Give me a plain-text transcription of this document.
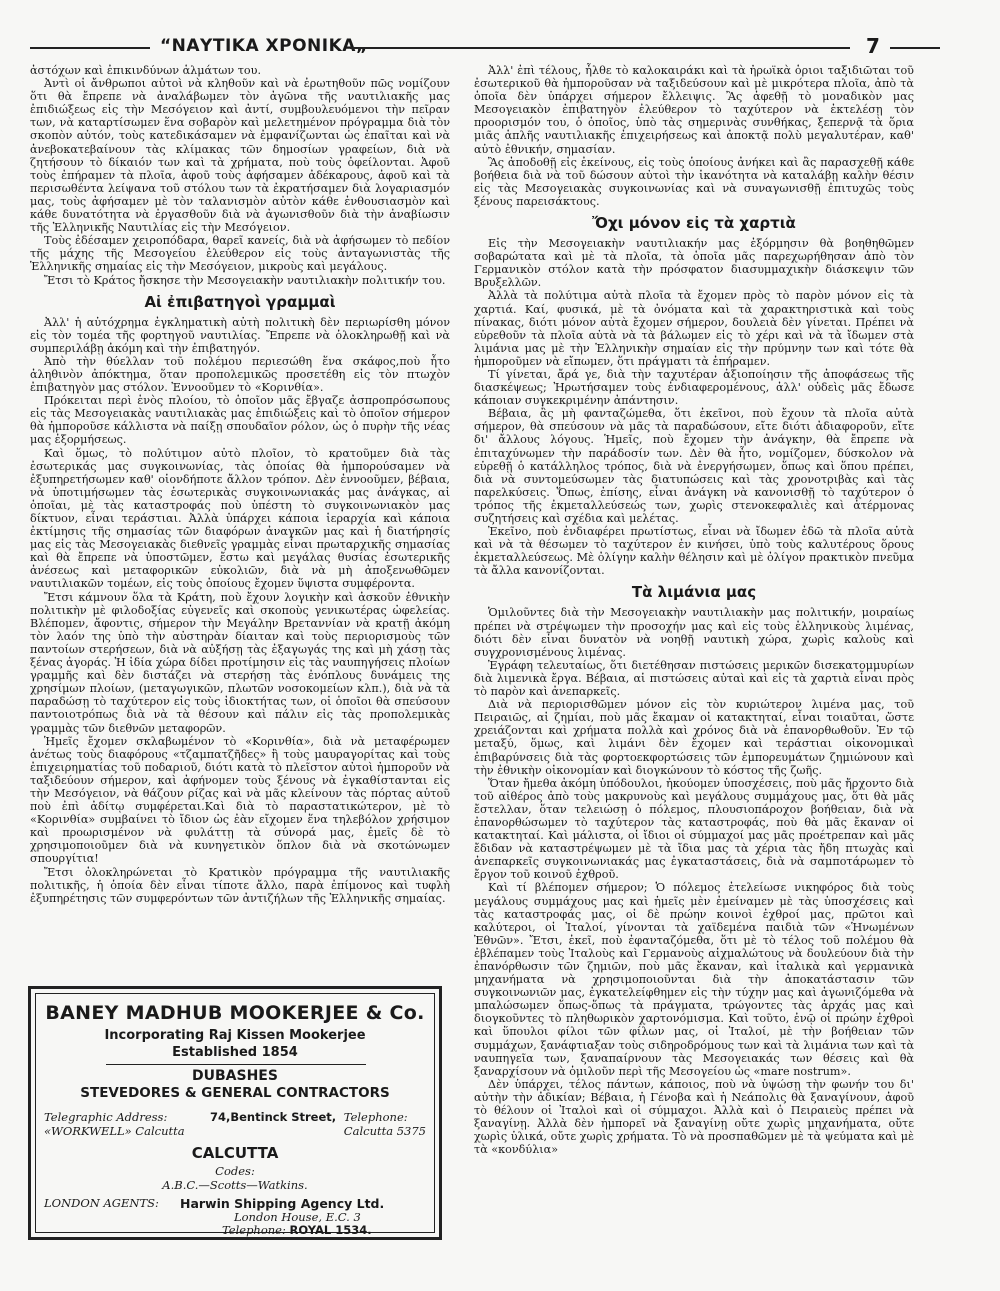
“ΝΑΥΤΙΚΑ ΧΡΟΝΙΚΑ„	7

ἀστόχων καὶ ἐπικινδύνων ἁλμάτων του.

Ἀντὶ οἱ ἄνθρωποι αὐτοὶ νὰ κληθοῦν καὶ νὰ ἐρωτηθοῦν πῶς νομίζουν ὅτι θὰ ἔπρεπε νὰ ἀναλάβωμεν τὸν ἀγῶνα τῆς ναυτιλιακῆς μας ἐπιδιώξεως εἰς τὴν Μεσόγειον καὶ ἀντί, συμβουλευόμενοι τὴν πεῖραν των, νὰ καταρτίσωμεν ἕνα σοβαρὸν καὶ μελετημένον πρόγραμμα διὰ τὸν σκοπὸν αὐτόν, τοὺς κατεδικάσαμεν νὰ ἐμφανίζωνται ὡς ἐπαῖται καὶ νὰ ἀνεβοκατεβαίνουν τὰς κλίμακας τῶν δημοσίων γραφείων, διὰ νὰ ζητήσουν τὸ δίκαιόν των καὶ τὰ χρήματα, ποὺ τοὺς ὀφείλονται. Ἀφοῦ τοὺς ἐπήραμεν τὰ πλοῖα, ἀφοῦ τοὺς ἀφήσαμεν ἀδέκαρους, ἀφοῦ καὶ τὰ περισωθέντα λείψανα τοῦ στόλου των τὰ ἐκρατήσαμεν διὰ λογαριασμόν μας, τοὺς ἀφήσαμεν μὲ τὸν ταλανισμὸν αὐτὸν κάθε ἐνθουσιασμὸν καὶ κάθε δυνατότητα νὰ ἐργασθοῦν διὰ νὰ ἀγωνισθοῦν διὰ τὴν ἀναβίωσιν τῆς Ἑλληνικῆς Ναυτιλίας εἰς τὴν Μεσόγειον.

Τοὺς ἐδέσαμεν χειροπόδαρα, θαρεῖ κανείς, διὰ νὰ ἀφήσωμεν τὸ πεδίον τῆς μάχης τῆς Μεσογείου ἐλεύθερον εἰς τοὺς ἀνταγωνιστὰς τῆς Ἑλληνικῆς σημαίας εἰς τὴν Μεσόγειον, μικροὺς καὶ μεγάλους.

Ἔτσι τὸ Κράτος ἤσκησε τὴν Μεσογειακὴν ναυτιλιακὴν πολιτικήν του.

Αἱ ἐπιβατηγοὶ γραμμαὶ

Ἀλλ' ἡ αὐτόχρημα ἐγκληματικὴ αὐτὴ πολιτικὴ δὲν περιωρίσθη μόνον εἰς τὸν τομέα τῆς φορτηγοῦ ναυτιλίας. Ἔπρεπε νὰ ὁλοκληρωθῇ καὶ νὰ συμπεριλάβῃ ἀκόμη καὶ τὴν ἐπιβατηγόν.

Ἀπὸ τὴν θύελλαν τοῦ πολέμου περιεσώθη ἕνα σκάφος,ποὺ ἦτο ἀληθινὸν ἀπόκτημα, ὅταν προπολεμικῶς προσετέθη εἰς τὸν πτωχὸν ἐπιβατηγὸν μας στόλον. Ἐννοοῦμεν τὸ «Κορινθία».

Πρόκειται περὶ ἑνὸς πλοίου, τὸ ὁποῖον μᾶς ἔβγαζε ἀσπροπρόσωπους εἰς τὰς Μεσογειακὰς ναυτιλιακὰς μας ἐπιδιώξεις καὶ τὸ ὁποῖον σήμερον θὰ ἠμποροῦσε κάλλιστα νὰ παίξῃ σπουδαῖον ρόλον, ὡς ὁ πυρὴν τῆς νέας μας ἐξορμήσεως.

Καὶ ὅμως, τὸ πολύτιμον αὐτὸ πλοῖον, τὸ κρατοῦμεν διὰ τὰς ἐσωτερικάς μας συγκοινωνίας, τὰς ὁποίας θὰ ἠμπορούσαμεν νὰ ἐξυπηρετήσωμεν καθ' οἱονδήποτε ἄλλον τρόπον. Δὲν ἐννοοῦμεν, βέβαια, νὰ ὑποτιμήσωμεν τὰς ἐσωτερικὰς συγκοινωνιακάς μας ἀνάγκας, αἱ ὁποῖαι, μὲ τὰς καταστροφάς ποὺ ὑπέστη τὸ συγκοινωνιακὸν μας δίκτυον, εἶναι τεράστιαι. Ἀλλὰ ὑπάρχει κάποια ἱεραρχία καὶ κάποια ἐκτίμησις τῆς σημασίας τῶν διαφόρων ἀναγκῶν μας καὶ ἡ διατήρησίς μας εἰς τὰς Μεσογειακὰς διεθνεῖς γραμμὰς εἶναι πρωταρχικῆς σημασίας καὶ θὰ ἔπρεπε νὰ ὑποστῶμεν, ἔστω καὶ μεγάλας θυσίας ἐσωτερικῆς ἀνέσεως καὶ μεταφορικῶν εὐκολιῶν, διὰ νὰ μὴ ἀποξενωθῶμεν ναυτιλιακῶν τομέων, εἰς τοὺς ὁποίους ἔχομεν ὕψιστα συμφέροντα.

Ἔτσι κάμνουν ὅλα τὰ Κράτη, ποὺ ἔχουν λογικὴν καὶ ἀσκοῦν ἐθνικὴν πολιτικὴν μὲ φιλοδοξίας εὐγενεῖς καὶ σκοποὺς γενικωτέρας ὠφελείας. Βλέπομεν, ἄφοντις, σήμερον τὴν Μεγάλην Βρεταννίαν νὰ κρατῇ ἀκόμη τὸν λαόν της ὑπὸ τὴν αὐστηρὰν δίαιταν καὶ τοὺς περιορισμοὺς τῶν παντοίων στερήσεων, διὰ νὰ αὐξήσῃ τὰς ἐξαγωγάς της καὶ μὴ χάσῃ τὰς ξένας ἀγοράς. Ἡ ἰδία χώρα δίδει προτίμησιν εἰς τὰς ναυπηγήσεις πλοίων γραμμῆς καὶ δὲν διστάζει νὰ στερήσῃ τὰς ἐνόπλους δυνάμεις της χρησίμων πλοίων, (μεταγωγικῶν, πλωτῶν νοσοκομείων κλπ.), διὰ νὰ τὰ παραδώσῃ τὸ ταχύτερον εἰς τοὺς ἰδιοκτήτας των, οἱ ὁποῖοι θὰ σπεύσουν παντοιοτρόπως διὰ νὰ τὰ θέσουν καὶ πάλιν εἰς τὰς προπολεμικὰς γραμμὰς τῶν διεθνῶν μεταφορῶν.

Ἡμεῖς ἔχομεν σκλαβωμένον τὸ «Κορινθία», διὰ νὰ μεταφέρωμεν ἀνέτως τοὺς διαφόρους «τζαμπατζῆδες» ἢ τοὺς μαυραγορίτας καὶ τοὺς ἐπιχειρηματίας τοῦ ποδαριοῦ, διότι κατὰ τὸ πλεῖστον αὐτοὶ ἠμποροῦν νὰ ταξιδεύουν σήμερον, καὶ ἀφήνομεν τοὺς ξένους νὰ ἐγκαθίστανται εἰς τὴν Μεσόγειον, νὰ θάζουν ρίζας καὶ νὰ μᾶς κλείνουν τὰς πόρτας αὐτοῦ ποὺ ἐπὶ ἀδίτῳ συμφέρεται.Καὶ διὰ τὸ παραστατικώτερον, μὲ τὸ «Κορινθία» συμβαίνει τὸ ἴδιον ὡς ἐὰν εἴχομεν ἕνα τηλεβόλον χρήσιμον καὶ προωρισμένον νὰ φυλάττῃ τὰ σύνορά μας, ἐμεῖς δὲ τὸ χρησιμοποιοῦμεν διὰ νὰ κυνηγετικὸν ὅπλον διὰ νὰ σκοτώνωμεν σπουργίτια!

Ἔτσι ὁλοκληρώνεται τὸ Κρατικὸν πρόγραμμα τῆς ναυτιλιακῆς πολιτικῆς, ἡ ὁποία δὲν εἶναι τίποτε ἄλλο, παρὰ ἐπίμονος καὶ τυφλὴ ἐξυπηρέτησις τῶν συμφερόντων τῶν ἀντιζήλων τῆς Ἑλληνικῆς σημαίας.

BANEY MADHUB MOOKERJEE & Co.
Incorporating Raj Kissen Mookerjee
Established 1854
DUBASHES
STEVEDORES & GENERAL CONTRACTORS
Telegraphic Address:
«WORKWELL» Calcutta
74,Bentinck Street, Telephone:
Calcutta 5375
CALCUTTA
Codes:
A.B.C.—Scotts—Watkins.
LONDON AGENTS: Harwin Shipping Agency Ltd.
London House, E.C. 3
Telephone: ROYAL 1534.

Ἀλλ' ἐπὶ τέλους, ἦλθε τὸ καλοκαιράκι καὶ τὰ ἠρωϊκὰ ὁριοι ταξιδιῶται τοῦ ἐσωτερικοῦ θὰ ἠμποροῦσαν νὰ ταξιδεύσουν καὶ μὲ μικρότερα πλοῖα, ἀπὸ τὰ ὁποῖα δὲν ὑπάρχει σήμερον ἔλλειψις. Ἂς ἀφεθῇ τὸ μοναδικὸν μας Μεσογειακὸν ἐπιβατηγὸν ἐλεύθερον τὸ ταχύτερον νὰ ἐκτελέσῃ τὸν προορισμόν του, ὁ ὁποῖος, ὑπὸ τὰς σημερινὰς συνθήκας, ξεπερνᾷ τὰ ὅρια μιᾶς ἁπλῆς ναυτιλιακῆς ἐπιχειρήσεως καὶ ἀποκτᾷ πολὺ μεγαλυτέραν, καθ' αὐτὸ ἐθνικήν, σημασίαν.

Ἂς ἀποδοθῇ εἰς ἐκείνους, εἰς τοὺς ὁποίους ἀνήκει καὶ ἂς παρασχεθῇ κάθε βοήθεια διὰ νὰ τοῦ δώσουν αὐτοὶ τὴν ἱκανότητα νὰ καταλάβῃ καλὴν θέσιν εἰς τὰς Μεσογειακὰς συγκοινωνίας καὶ νὰ συναγωνισθῇ ἐπιτυχῶς τοὺς ξένους παρεισάκτους.

Ὄχι μόνον εἰς τὰ χαρτιὰ

Εἰς τὴν Μεσογειακὴν ναυτιλιακήν μας ἐξόρμησιν θὰ βοηθηθῶμεν σοβαρώτατα καὶ μὲ τὰ πλοῖα, τὰ ὁποῖα μᾶς παρεχωρήθησαν ἀπὸ τὸν Γερμανικὸν στόλον κατὰ τὴν πρόσφατον διασυμμαχικὴν διάσκεψιν τῶν Βρυξελλῶν.

Ἀλλὰ τὰ πολύτιμα αὐτὰ πλοῖα τὰ ἔχομεν πρὸς τὸ παρὸν μόνον εἰς τὰ χαρτιά. Καί, φυσικά, μὲ τὰ ὀνόματα καὶ τὰ χαρακτηριστικὰ καὶ τοὺς πίνακας, διότι μόνον αὐτὰ ἔχομεν σήμερον, δουλειὰ δὲν γίνεται. Πρέπει νὰ εὑρεθοῦν τὰ πλοῖα αὐτὰ νὰ τὰ βάλωμεν εἰς τὸ χέρι καὶ νὰ τὰ ἴδωμεν στὰ λιμάνια μας μὲ τὴν Ἑλληνικὴν σημαίαν εἰς τὴν πρύμνην των καὶ τότε θὰ ἠμποροῦμεν νὰ εἴπωμεν, ὅτι πράγματι τὰ ἐπήραμεν.

Τί γίνεται, ἄρά γε, διὰ τὴν ταχυτέραν ἀξιοποίησιν τῆς ἀποφάσεως τῆς διασκέψεως; Ἠρωτήσαμεν τοὺς ἐνδιαφερομένους, ἀλλ' οὐδεὶς μᾶς ἔδωσε κάποιαν συγκεκριμένην ἀπάντησιν.

Βέβαια, ἂς μὴ φανταζώμεθα, ὅτι ἐκεῖνοι, ποὺ ἔχουν τὰ πλοῖα αὐτὰ σήμερον, θὰ σπεύσουν νὰ μᾶς τὰ παραδώσουν, εἴτε διότι ἀδιαφοροῦν, εἴτε δι' ἄλλους λόγους. Ἡμεῖς, ποὺ ἔχομεν τὴν ἀνάγκην, θὰ ἔπρεπε νὰ ἐπιταχύνωμεν τὴν παράδοσίν των. Δὲν θὰ ἦτο, νομίζομεν, δύσκολον νὰ εὑρεθῇ ὁ κατάλληλος τρόπος, διὰ νὰ ἐνεργήσωμεν, ὅπως καὶ ὅπου πρέπει, διὰ νὰ συντομεύσωμεν τὰς διατυπώσεις καὶ τὰς χρονοτριβὰς καὶ τὰς παρελκύσεις. Ὅπως, ἐπίσης, εἶναι ἀνάγκη νὰ κανονισθῇ τὸ ταχύτερον ὁ τρόπος τῆς ἐκμεταλλεύσεώς των, χωρὶς στενοκεφαλιὲς καὶ ἀτέρμονας συζητήσεις καὶ σχέδια καὶ μελέτας.

Ἐκεῖνο, ποὺ ἐνδιαφέρει πρωτίστως, εἶναι νὰ ἴδωμεν ἐδῶ τὰ πλοῖα αὐτὰ καὶ νὰ τὰ θέσωμεν τὸ ταχύτερον ἐν κινήσει, ὑπὸ τοὺς καλυτέρους ὅρους ἐκμεταλλεύσεως. Μὲ ὀλίγην καλὴν θέλησιν καὶ μὲ ὀλίγον πρακτικὸν πνεῦμα τὰ ἄλλα κανονίζονται.

Τὰ λιμάνια μας

Ὁμιλοῦντες διὰ τὴν Μεσογειακὴν ναυτιλιακὴν μας πολιτικήν, μοιραίως πρέπει νὰ στρέψωμεν τὴν προσοχήν μας καὶ εἰς τοὺς ἑλληνικοὺς λιμένας, διότι δὲν εἶναι δυνατὸν νὰ νοηθῇ ναυτικὴ χώρα, χωρὶς καλοὺς καὶ συγχρονισμένους λιμένας.

Ἐγράφη τελευταίως, ὅτι διετέθησαν πιστώσεις μερικῶν δισεκατομμυρίων διὰ λιμενικὰ ἔργα. Βέβαια, αἱ πιστώσεις αὐταὶ καὶ εἰς τὰ χαρτιὰ εἶναι πρὸς τὸ παρὸν καὶ ἀνεπαρκεῖς.

Διὰ νὰ περιορισθῶμεν μόνον εἰς τὸν κυριώτερον λιμένα μας, τοῦ Πειραιῶς, αἱ ζημίαι, ποὺ μᾶς ἔκαμαν οἱ κατακτηταί, εἶναι τοιαῦται, ὥστε χρειάζονται καὶ χρήματα πολλὰ καὶ χρόνος διὰ νὰ ἐπανορθωθοῦν. Ἐν τῷ μεταξύ, ὅμως, καὶ λιμάνι δὲν ἔχομεν καὶ τεράστιαι οἰκονομικαὶ ἐπιβαρύνσεις διὰ τὰς φορτοεκφορτώσεις τῶν ἐμπορευμάτων ζημιώνουν καὶ τὴν ἐθνικὴν οἰκονομίαν καὶ διογκώνουν τὸ κόστος τῆς ζωῆς.

Ὅταν ἤμεθα ἀκόμη ὑπόδουλοι, ἠκούομεν ὑποσχέσεις, ποὺ μᾶς ἤρχοντο διὰ τοῦ αἰθέρος ἀπὸ τοὺς μακρυνοὺς καὶ μεγάλους συμμάχους μας, ὅτι θὰ μᾶς ἔστελλαν, ὅταν τελειώσῃ ὁ πόλεμος, πλουσιοπάροχον βοήθειαν, διὰ νὰ ἐπανορθώσωμεν τὸ ταχύτερον τὰς καταστροφάς, ποὺ θὰ μᾶς ἔκαναν οἱ κατακτηταί. Καὶ μάλιστα, οἱ ἴδιοι οἱ σύμμαχοί μας μᾶς προέτρεπαν καὶ μᾶς ἔδιδαν νὰ καταστρέψωμεν μὲ τὰ ἴδια μας τὰ χέρια τὰς ἤδη πτωχὰς καὶ ἀνεπαρκεῖς συγκοινωνιακάς μας ἐγκαταστάσεις, διὰ νὰ σαμποτάρωμεν τὸ ἔργον τοῦ κοινοῦ ἐχθροῦ.

Καὶ τί βλέπομεν σήμερον; Ὁ πόλεμος ἐτελείωσε νικηφόρος διὰ τοὺς μεγάλους συμμάχους μας καὶ ἡμεῖς μὲν ἐμείναμεν μὲ τὰς ὑποσχέσεις καὶ τὰς καταστροφάς μας, οἱ δὲ πρώην κοινοὶ ἐχθροί μας, πρῶτοι καὶ καλύτεροι, οἱ Ἰταλοί, γίνονται τὰ χαϊδεμένα παιδιὰ τῶν «Ἡνωμένων Ἐθνῶν». Ἔτσι, ἐκεῖ, ποὺ ἐφανταζόμεθα, ὅτι μὲ τὸ τέλος τοῦ πολέμου θὰ ἐβλέπαμεν τοὺς Ἰταλοὺς καὶ Γερμανοὺς αἰχμαλώτους νὰ δουλεύουν διὰ τὴν ἐπανόρθωσιν τῶν ζημιῶν, ποὺ μᾶς ἔκαναν, καὶ ἰταλικὰ καὶ γερμανικὰ μηχανήματα νὰ χρησιμοποιοῦνται διὰ τὴν ἀποκατάστασιν τῶν συγκοινωνιῶν μας, ἐγκατελείφθημεν εἰς τὴν τύχην μας καὶ ἀγωνιζόμεθα νὰ μπαλώσωμεν ὅπως-ὅπως τὰ πράγματα, τρώγοντες τὰς ἀρχάς μας καὶ διογκοῦντες τὸ πληθωρικὸν χαρτονόμισμα. Καὶ τοῦτο, ἐνῷ οἱ πρώην ἐχθροὶ καὶ ὕπουλοι φίλοι τῶν φίλων μας, οἱ Ἰταλοί, μὲ τὴν βοήθειαν τῶν συμμάχων, ξανάφτιαξαν τοὺς σιδηροδρόμους των καὶ τὰ λιμάνια των καὶ τὰ ναυπηγεῖα των, ξαναπαίρνουν τὰς Μεσογειακάς των θέσεις καὶ θὰ ξαναρχίσουν νὰ ὁμιλοῦν περὶ τῆς Μεσογείου ὡς «mare nostrum».

Δὲν ὑπάρχει, τέλος πάντων, κάποιος, ποὺ νὰ ὑψώσῃ τὴν φωνήν του δι' αὐτὴν τὴν ἀδικίαν; Βέβαια, ἡ Γένοβα καὶ ἡ Νεάπολις θὰ ξαναγίνουν, ἀφοῦ τὸ θέλουν οἱ Ἰταλοὶ καὶ οἱ σύμμαχοι. Ἀλλὰ καὶ ὁ Πειραιεὺς πρέπει νὰ ξαναγίνῃ. Ἀλλὰ δὲν ἠμπορεῖ νὰ ξαναγίνῃ οὔτε χωρὶς μηχανήματα, οὔτε χωρὶς ὑλικά, οὔτε χωρὶς χρήματα. Τὸ νὰ προσπαθῶμεν μὲ τὰ ψεύματα καὶ μὲ τὰ «κονδύλια»
